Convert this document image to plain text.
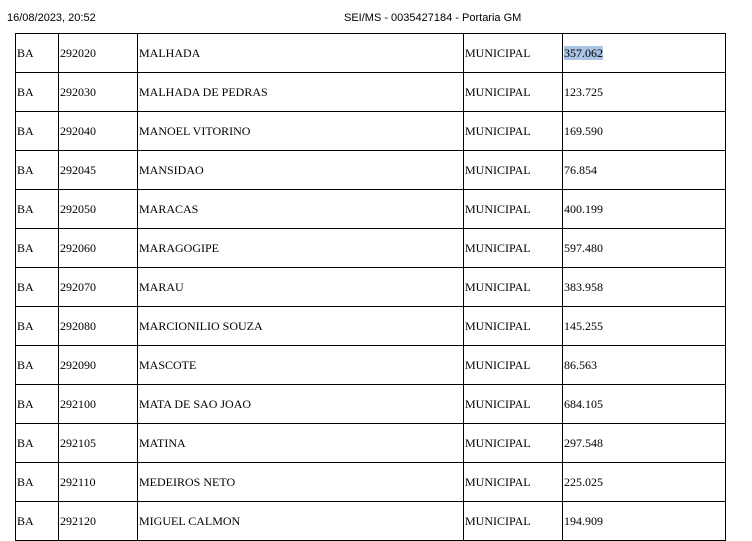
16/08/2023, 20:52	SEI/MS - 0035427184 - Portaria GM
BA	292020	MALHADA	MUNICIPAL	357.062
BA	292030	MALHADA DE PEDRAS	MUNICIPAL	123.725
BA	292040	MANOEL VITORINO	MUNICIPAL	169.590
BA	292045	MANSIDAO	MUNICIPAL	76.854
BA	292050	MARACAS	MUNICIPAL	400.199
BA	292060	MARAGOGIPE	MUNICIPAL	597.480
BA	292070	MARAU	MUNICIPAL	383.958
BA	292080	MARCIONILIO SOUZA	MUNICIPAL	145.255
BA	292090	MASCOTE	MUNICIPAL	86.563
BA	292100	MATA DE SAO JOAO	MUNICIPAL	684.105
BA	292105	MATINA	MUNICIPAL	297.548
BA	292110	MEDEIROS NETO	MUNICIPAL	225.025
BA	292120	MIGUEL CALMON	MUNICIPAL	194.909
